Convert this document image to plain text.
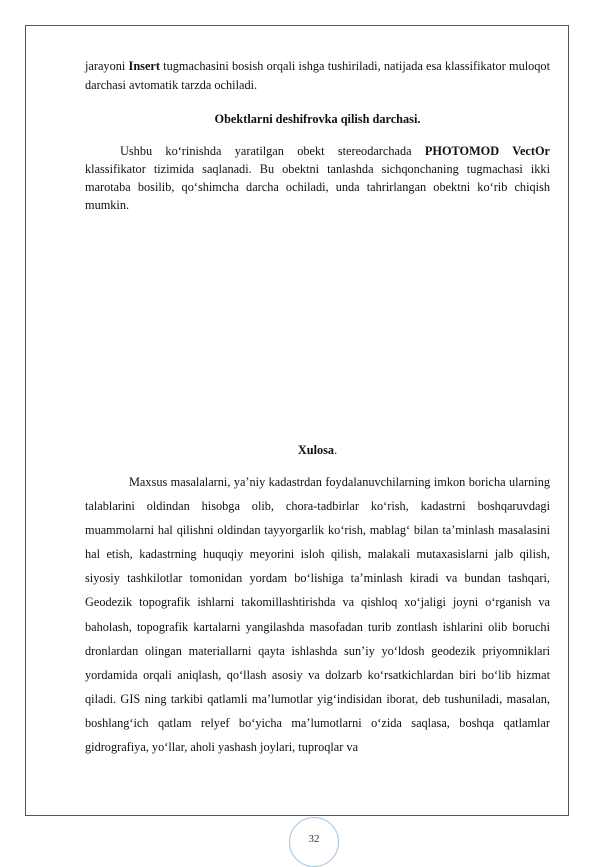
jarayoni Insert tugmachasini bosish orqali ishga tushiriladi, natijada esa klassifikator muloqot darchasi avtomatik tarzda ochiladi.
Obektlarni deshifrovka qilish darchasi.
Ushbu ko‘rinishda yaratilgan obekt stereodarchada PHOTOMOD VectOr klassifikator tizimida saqlanadi. Bu obektni tanlashda sichqonchaning tugmachasi ikki marotaba bosilib, qo‘shimcha darcha ochiladi, unda tahrirlangan obektni ko‘rib chiqish mumkin.
Xulosa.
Maxsus masalalarni, ya’niy kadastrdan foydalanuvchilarning imkon boricha ularning talablarini oldindan hisobga olib, chora-tadbirlar ko‘rish, kadastrni boshqaruvdagi muammolarni hal qilishni oldindan tayyorgarlik ko‘rish, mablag‘ bilan ta’minlash masalasini hal etish, kadastrning huquqiy meyorini isloh qilish, malakali mutaxasislarni jalb qilish, siyosiy tashkilotlar tomonidan yordam bo‘lishiga ta’minlash kiradi va bundan tashqari, Geodezik topografik ishlarni takomillashtirishda va qishloq xo‘jaligi joyni o‘rganish va baholash, topografik kartalarni yangilashda masofadan turib zontlash ishlarini olib boruchi dronlardan olingan materiallarni qayta ishlashda sun’iy yo‘ldosh geodezik priyomniklari yordamida orqali aniqlash, qo‘llash asosiy va dolzarb ko‘rsatkichlardan biri bo‘lib hizmat qiladi. GIS ning tarkibi qatlamli ma’lumotlar yig‘indisidan iborat, deb tushuniladi, masalan, boshlang‘ich qatlam relyef bo‘yicha ma’lumotlarni o‘zida saqlasa, boshqa qatlamlar gidrografiya, yo‘llar, aholi yashash joylari, tuproqlar va
32
